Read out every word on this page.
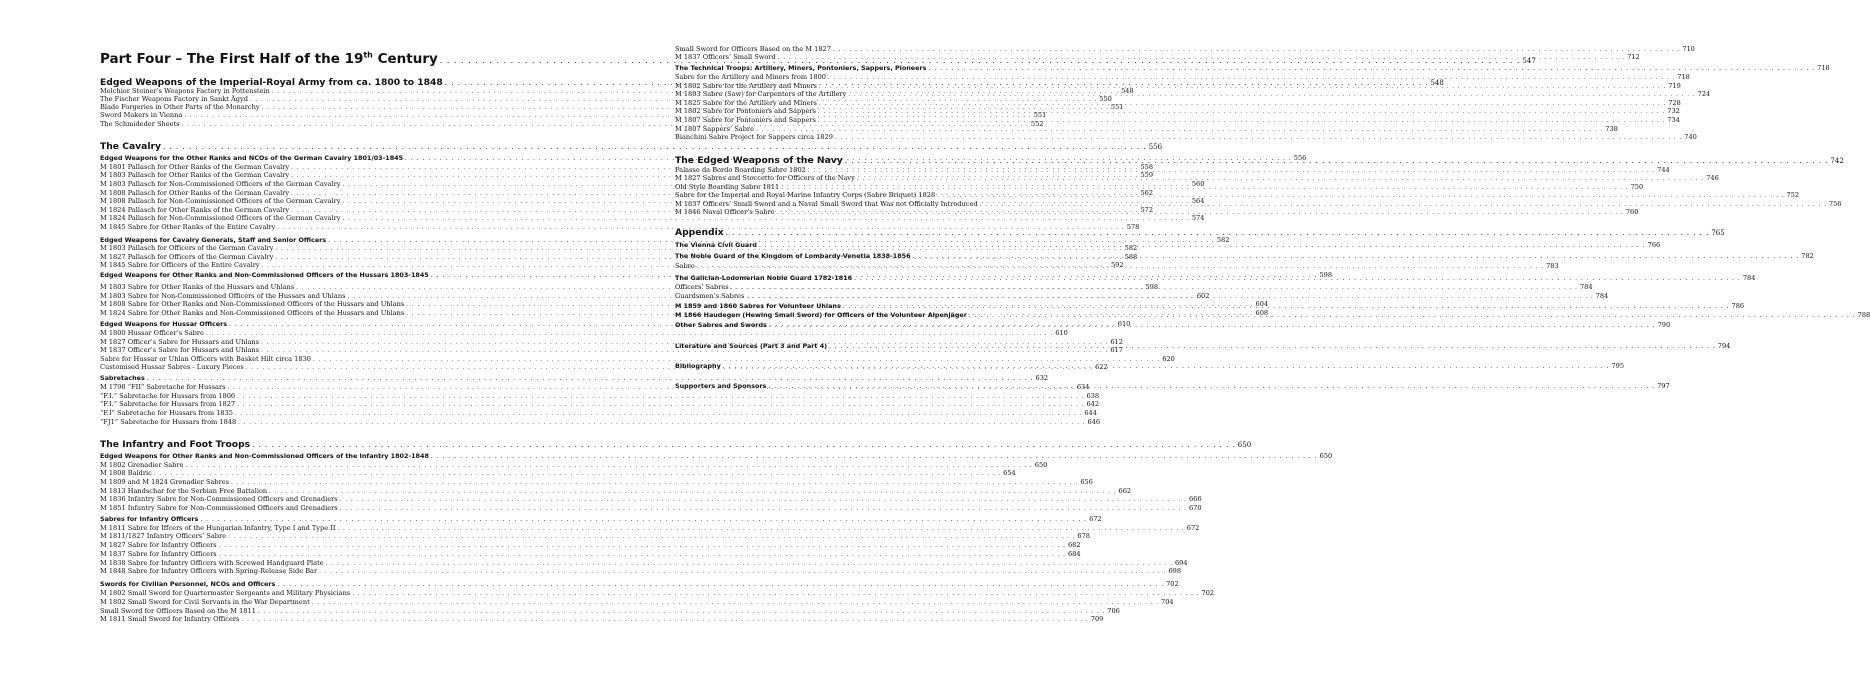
Part Four – The First Half of the 19th Century . . .	547
Edged Weapons of the Imperial-Royal Army from ca. 1800 to 1848 . . .	548
Melchior Steiner’s Weapons Factory in Pottenstein . . .	548
The Fischer Weapons Factory in Sankt Ägyd . . .	550
Blade Forgeries in Other Parts of the Monarchy . . .	551
Sword Makers in Vienna . . .	551
The Schmideder Sheets . . .	552
The Cavalry . . .	556
Edged Weapons for the Other Ranks and NCOs of the German Cavalry 1801/03-1845 . . .	556
M 1801 Pallasch for Other Ranks of the German Cavalry . . .	558
M 1803 Pallasch for Other Ranks of the German Cavalry . . .	559
M 1803 Pallasch for Non-Commissioned Officers of the German Cavalry . . .	560
M 1808 Pallasch for Other Ranks of the German Cavalry . . .	562
M 1808 Pallasch for Non-Commissioned Officers of the German Cavalry . . .	564
M 1824 Pallasch for Other Ranks of the German Cavalry . . .	572
M 1824 Pallasch for Non-Commissioned Officers of the German Cavalry . . .	574
M 1845 Sabre for Other Ranks of the Entire Cavalry . . .	578
Edged Weapons for Cavalry Generals, Staff and Senior Officers . . .	582
M 1803 Pallasch for Officers of the German Cavalry . . .	582
M 1827 Pallasch for Officers of the German Cavalry . . .	588
M 1845 Sabre for Officers of the Entire Cavalry . . .	592
Edged Weapons for Other Ranks and Non-Commissioned Officers of the Hussars 1803-1845 . . .	598
M 1803 Sabre for Other Ranks of the Hussars and Uhlans . . .	598
M 1803 Sabre for Non-Commissioned Officers of the Hussars and Uhlans . . .	602
M 1808 Sabre for Other Ranks and Non-Commissioned Officers of the Hussars and Uhlans . . .	604
M 1824 Sabre for Other Ranks and Non-Commissioned Officers of the Hussars and Uhlans . . .	608
Edged Weapons for Hussar Officers . . .	610
M 1800 Hussar Officer’s Sabre . . .	610
M 1827 Officer’s Sabre for Hussars and Uhlans . . .	612
M 1837 Officer’s Sabre for Hussars and Uhlans . . .	617
Sabre for Hussar or Uhlan Officers with Basket Hilt circa 1830 . . .	620
Customised Hussar Sabres - Luxury Pieces . . .	622
Sabretaches . . .	632
M 1798 “FII” Sabretache for Hussars . . .	634
“F.I.” Sabretache for Hussars from 1806 . . .	638
“F.I.” Sabretache for Hussars from 1827 . . .	642
“F.I” Sabretache for Hussars from 1835 . . .	644
“FJ1” Sabretache for Hussars from 1848 . . .	646
The Infantry and Foot Troops . . .	650
Edged Weapons for Other Ranks and Non-Commissioned Officers of the Infantry 1802-1848 . . .	650
M 1802 Grenadier Sabre . . .	650
M 1808 Baldric . . .	654
M 1809 and M 1824 Grenadier Sabres . . .	656
M 1813 Handschar for the Serbian Free Battalion . . .	662
M 1836 Infantry Sabre for Non-Commissioned Officers and Grenadiers . . .	666
M 1851 Infantry Sabre for Non-Commissioned Officers and Grenadiers . . .	670
Sabres for Infantry Officers . . .	672
M 1811 Sabre for Iffcers of the Hungarian Infantry, Type I and Type II . . .	672
M 1811/1827 Infantry Officers’ Sabre . . .	678
M 1827 Sabre for Infantry Officers . . .	682
M 1837 Sabre for Infantry Officers . . .	684
M 1838 Sabre for Infantry Officers with Screwed Handguard Plate . . .	694
M 1848 Sabre for Infantry Officers with Spring-Release Side Bar . . .	698
Swords for Civilian Personnel, NCOs and Officers . . .	702
M 1802 Small Sword for Quartermaster Sergeants and Military Physicians . . .	702
M 1802 Small Sword for Civil Servants in the War Department . . .	704
Small Sword for Officers Based on the M 1811 . . .	706
M 1811 Small Sword for Infantry Officers . . .	709
Small Sword for Officers Based on the M 1827 . . .	710
M 1837 Officers’ Small Sword . . .	712
The Technical Troops: Artillery, Miners, Pontoniers, Sappers, Pioneers . . .	718
Sabre for the Artillery and Miners from 1800 . . .	718
M 1802 Sabre for the Artillery and Miners . . .	719
M 1803 Sabre (Saw) for Carpenters of the Artillery . . .	724
M 1825 Sabre for the Artillery and Miners . . .	728
M 1802 Sabre for Pontoniers and Sappers . . .	732
M 1807 Sabre for Pontoniers and Sappers . . .	734
M 1807 Sappers’ Sabre . . .	738
Bianchini Sabre Project for Sappers circa 1829 . . .	740
The Edged Weapons of the Navy . . .	742
Palasso da Bordo Boarding Sabre 1802 . . .	744
M 1827 Sabres and Stoccetto for Officers of the Navy . . .	746
Old Style Boarding Sabre 1811 . . .	750
Sabre for the Imperial and Royal Marine Infantry Corps (Sabre Briquet) 1828 . . .	752
M 1837 Officers’ Small Sword and a Naval Small Sword that Was not Officially Introduced . . .	756
M 1846 Naval Officer’s Sabre . . .	760
Appendix . . .	765
The Vienna Civil Guard . . .	766
The Noble Guard of the Kingdom of Lombardy-Venetia 1838-1856 . . .	782
Sabre . . .	783
The Galician-Lodomerian Noble Guard 1782-1816 . . .	784
Officers’ Sabres . . .	784
Guardsmen’s Sabres . . .	784
M 1859 and 1860 Sabres for Volunteer Uhlans . . .	786
M 1866 Haudegen (Hewing Small Sword) for Officers of the Volunteer Alpenjäger . . .	788
Other Sabres and Swords . . .	790
Literature and Sources (Part 3 and Part 4) . . .	794
Bibliography . . .	795
Supporters and Sponsors . . .	797
